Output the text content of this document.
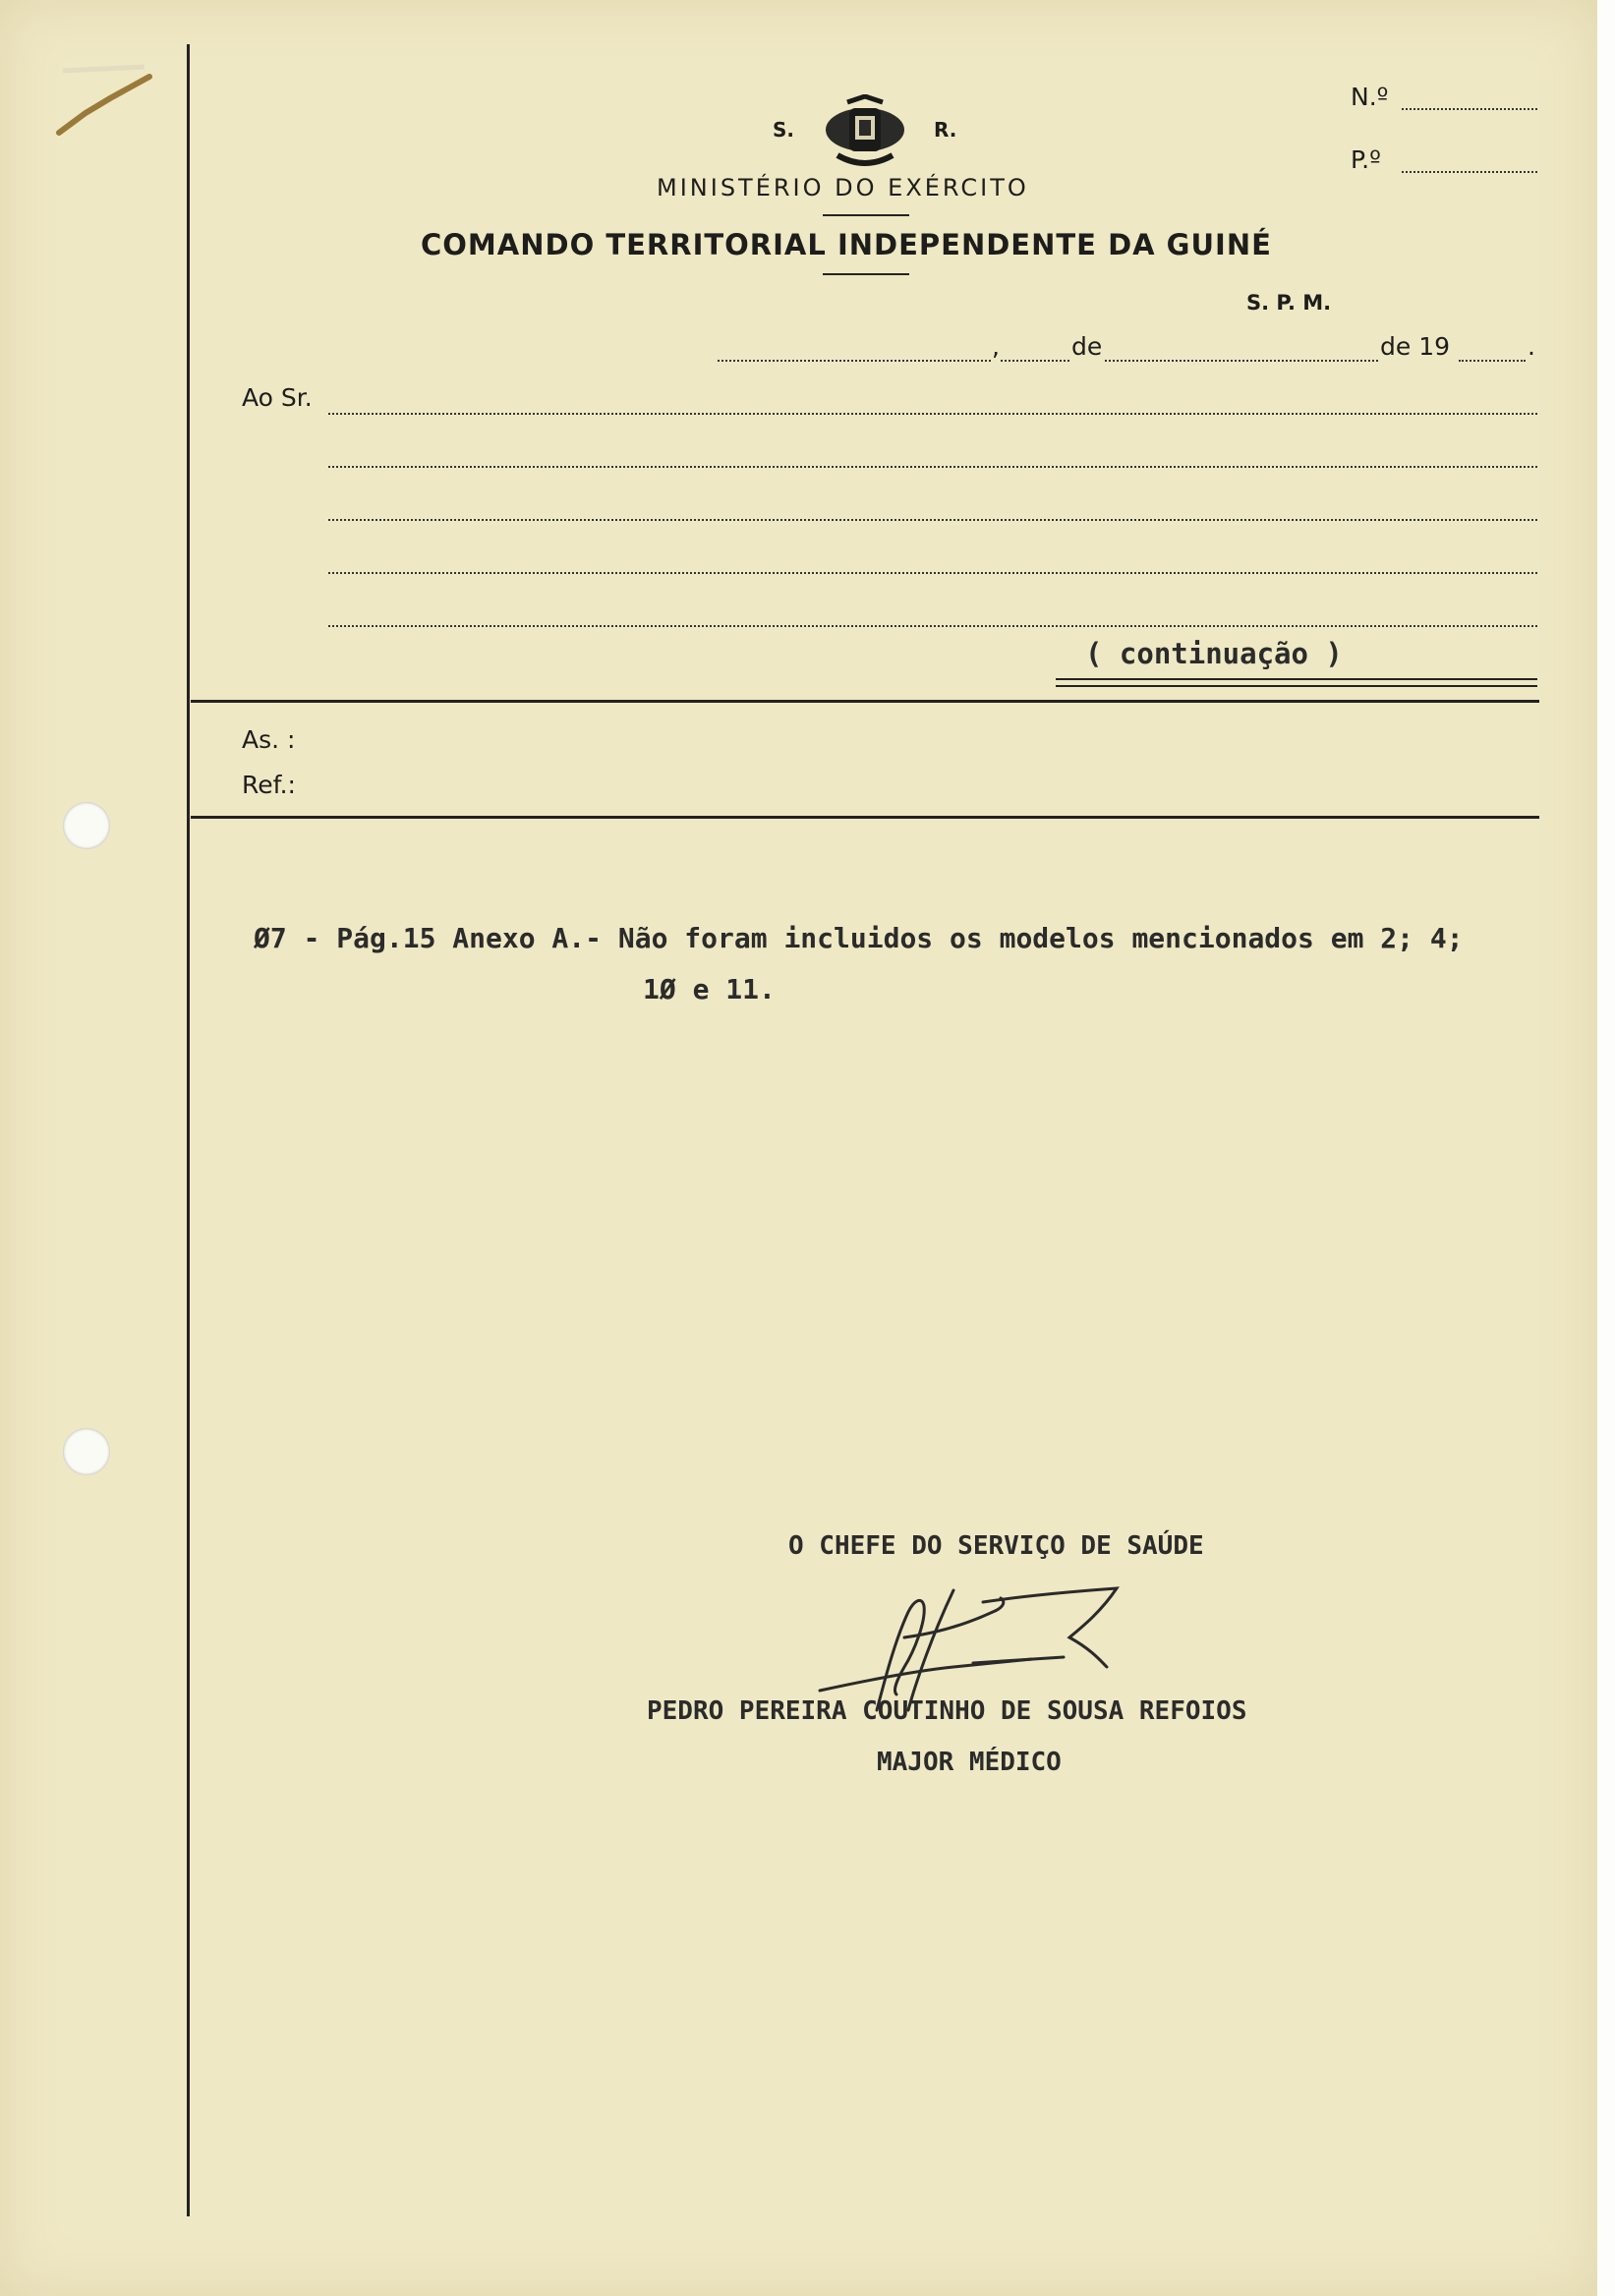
S.	R.
MINISTÉRIO DO EXÉRCITO
COMANDO TERRITORIAL INDEPENDENTE DA GUINÉ
S. P. M.
N.º
P.º
,	de	de 19	.
Ao Sr.
( continuação )
As. :
Ref.:
Ø7 - Pág.15 Anexo A.- Não foram incluidos os modelos mencionados em 2; 4;
1Ø e 11.
O CHEFE DO SERVIÇO DE SAÚDE
PEDRO PEREIRA COUTINHO DE SOUSA REFOIOS
MAJOR MÉDICO
